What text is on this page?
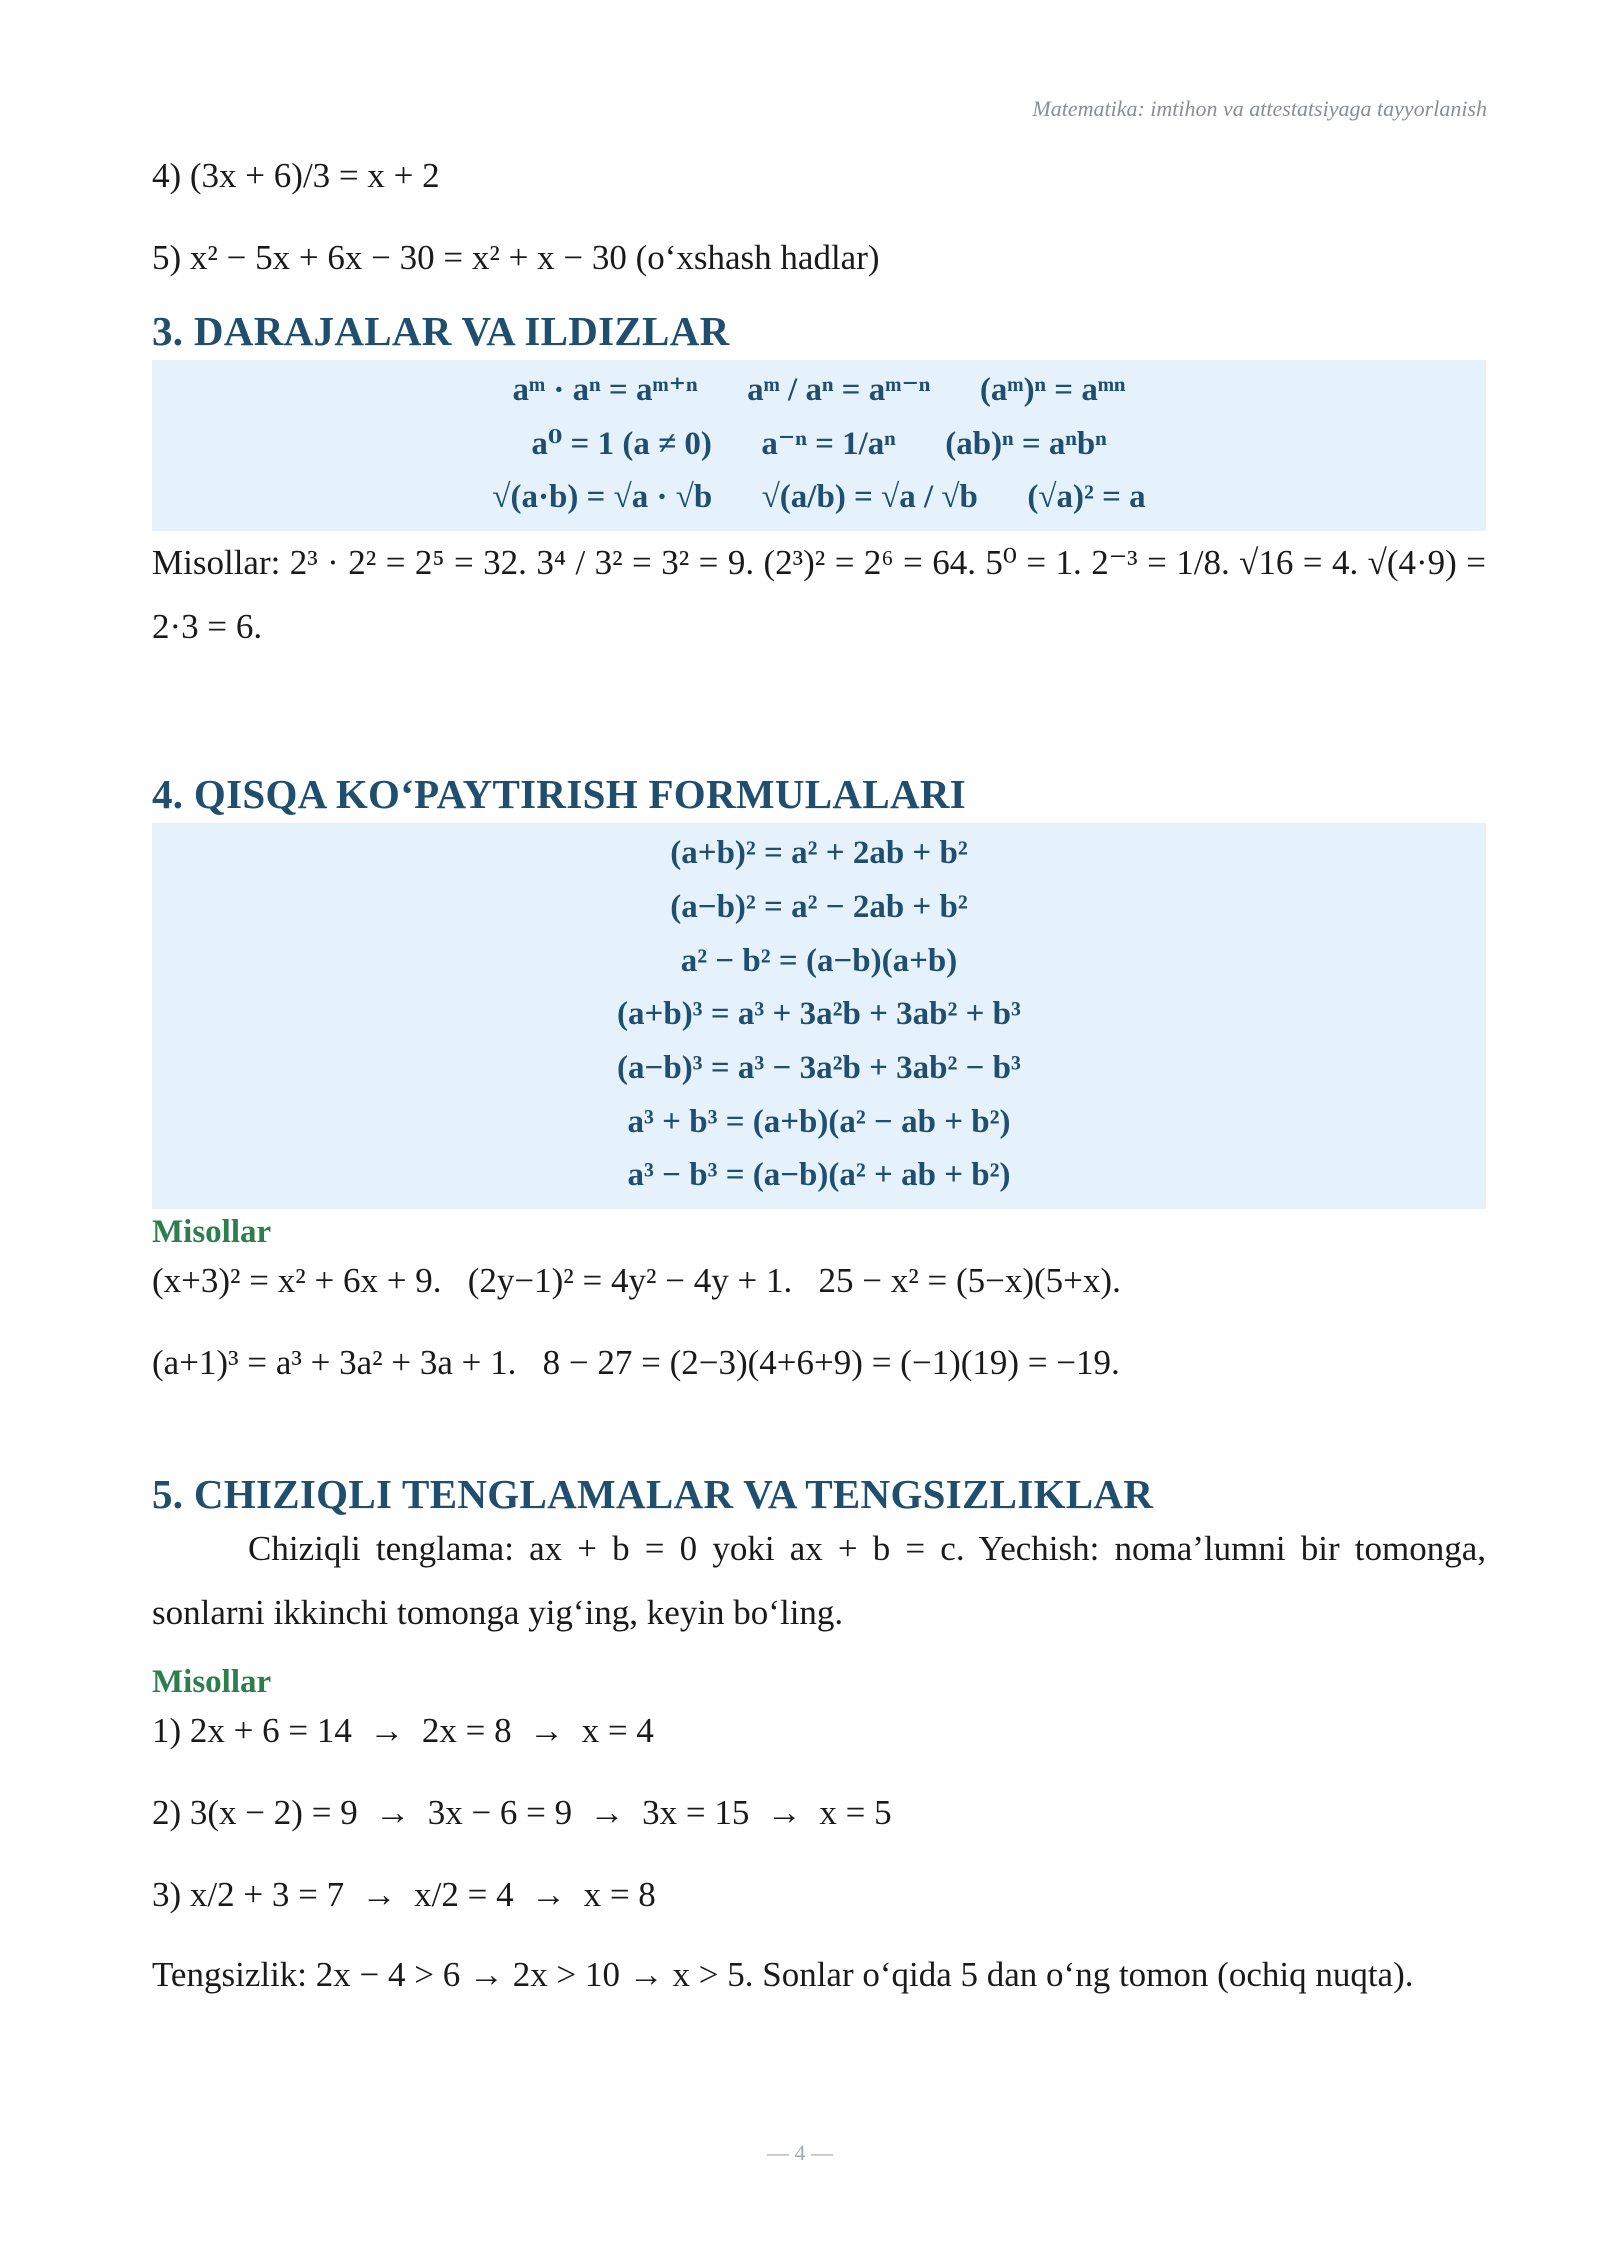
Matematika: imtihon va attestatsiyaga tayyorlanish

4) (3x + 6)/3 = x + 2

5) x² − 5x + 6x − 30 = x² + x − 30 (o‘xshash hadlar)

3. DARAJALAR VA ILDIZLAR
aᵐ · aⁿ = aᵐ⁺ⁿ      aᵐ / aⁿ = aᵐ⁻ⁿ      (aᵐ)ⁿ = aᵐⁿ
a⁰ = 1 (a ≠ 0)      a⁻ⁿ = 1/aⁿ      (ab)ⁿ = aⁿbⁿ
√(a·b) = √a · √b      √(a/b) = √a / √b      (√a)² = a

Misollar: 2³ · 2² = 2⁵ = 32. 3⁴ / 3² = 3² = 9. (2³)² = 2⁶ = 64. 5⁰ = 1. 2⁻³ = 1/8. √16 = 4. √(4·9) = 2·3 = 6.

4. QISQA KO‘PAYTIRISH FORMULALARI
(a+b)² = a² + 2ab + b²
(a−b)² = a² − 2ab + b²
a² − b² = (a−b)(a+b)
(a+b)³ = a³ + 3a²b + 3ab² + b³
(a−b)³ = a³ − 3a²b + 3ab² − b³
a³ + b³ = (a+b)(a² − ab + b²)
a³ − b³ = (a−b)(a² + ab + b²)

Misollar

(x+3)² = x² + 6x + 9.   (2y−1)² = 4y² − 4y + 1.   25 − x² = (5−x)(5+x).

(a+1)³ = a³ + 3a² + 3a + 1.   8 − 27 = (2−3)(4+6+9) = (−1)(19) = −19.

5. CHIZIQLI TENGLAMALAR VA TENGSIZLIKLAR

Chiziqli tenglama: ax + b = 0 yoki ax + b = c. Yechish: noma’lumni bir tomonga, sonlarni ikkinchi tomonga yig‘ing, keyin bo‘ling.

Misollar

1) 2x + 6 = 14  →  2x = 8  →  x = 4

2) 3(x − 2) = 9  →  3x − 6 = 9  →  3x = 15  →  x = 5

3) x/2 + 3 = 7  →  x/2 = 4  →  x = 8

Tengsizlik: 2x − 4 > 6 → 2x > 10 → x > 5. Sonlar o‘qida 5 dan o‘ng tomon (ochiq nuqta).

— 4 —
